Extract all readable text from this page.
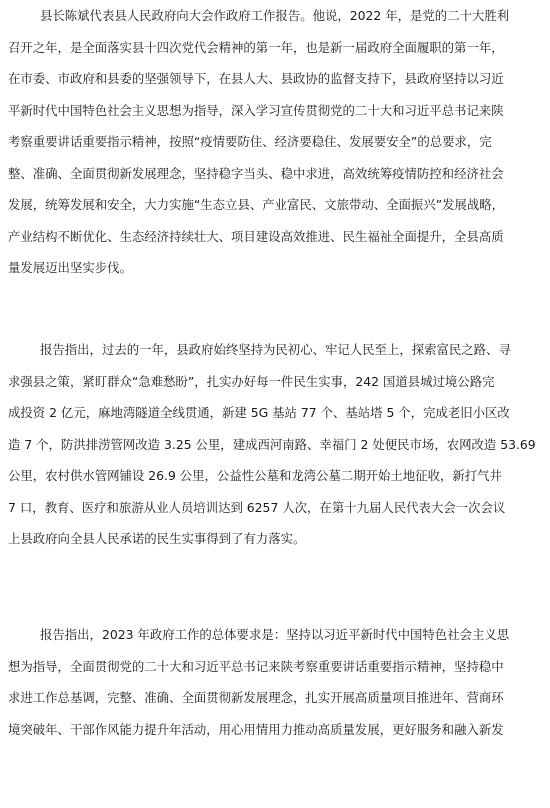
县长陈斌代表县人民政府向大会作政府工作报告。他说，2022 年，是党的二十大胜利
召开之年，是全面落实县十四次党代会精神的第一年，也是新一届政府全面履职的第一年，
在市委、市政府和县委的坚强领导下，在县人大、县政协的监督支持下，县政府坚持以习近
平新时代中国特色社会主义思想为指导，深入学习宣传贯彻党的二十大和习近平总书记来陕
考察重要讲话重要指示精神，按照“疫情要防住、经济要稳住、发展要安全”的总要求，完
整、准确、全面贯彻新发展理念，坚持稳字当头、稳中求进，高效统筹疫情防控和经济社会
发展，统筹发展和安全，大力实施“生态立县、产业富民、文旅带动、全面振兴”发展战略，
产业结构不断优化、生态经济持续壮大、项目建设高效推进、民生福祉全面提升，全县高质
量发展迈出坚实步伐。
报告指出，过去的一年，县政府始终坚持为民初心、牢记人民至上，探索富民之路、寻
求强县之策，紧盯群众“急难愁盼”，扎实办好每一件民生实事，242 国道县城过境公路完
成投资 2 亿元，麻地湾隧道全线贯通，新建 5G 基站 77 个、基站塔 5 个，完成老旧小区改
造 7 个，防洪排涝管网改造 3.25 公里，建成西河南路、幸福门 2 处便民市场，农网改造 53.69
公里，农村供水管网铺设 26.9 公里，公益性公墓和龙湾公墓二期开始土地征收，新打气井
7 口，教育、医疗和旅游从业人员培训达到 6257 人次，在第十九届人民代表大会一次会议
上县政府向全县人民承诺的民生实事得到了有力落实。
报告指出，2023 年政府工作的总体要求是：坚持以习近平新时代中国特色社会主义思
想为指导，全面贯彻党的二十大和习近平总书记来陕考察重要讲话重要指示精神，坚持稳中
求进工作总基调，完整、准确、全面贯彻新发展理念，扎实开展高质量项目推进年、营商环
境突破年、干部作风能力提升年活动，用心用情用力推动高质量发展，更好服务和融入新发
